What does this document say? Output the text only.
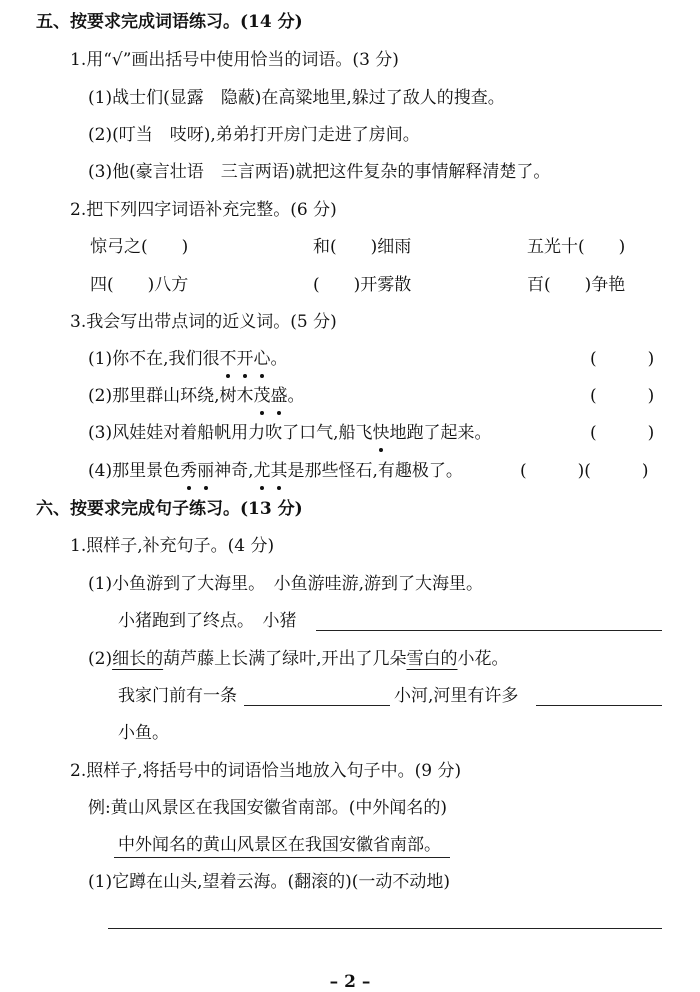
五、按要求完成词语练习。(14 分)
1.用“√”画出括号中使用恰当的词语。(3 分)
(1)战士们(显露　隐蔽)在高粱地里,躲过了敌人的搜查。
(2)(叮当　吱呀),弟弟打开房门走进了房间。
(3)他(豪言壮语　三言两语)就把这件复杂的事情解释清楚了。
2.把下列四字词语补充完整。(6 分)
惊弓之(　　)	和(　　)细雨	五光十(　　)
四(　　)八方	(　　)开雾散	百(　　)争艳
3.我会写出带点词的近义词。(5 分)
(1)你不在,我们很不开心。	(　　　)
(2)那里群山环绕,树木茂盛。	(　　　)
(3)风娃娃对着船帆用力吹了口气,船飞快地跑了起来。	(　　　)
(4)那里景色秀丽神奇,尤其是那些怪石,有趣极了。	(　　　)(　　　)
六、按要求完成句子练习。(13 分)
1.照样子,补充句子。(4 分)
(1)小鱼游到了大海里。　小鱼游哇游,游到了大海里。
小猪跑到了终点。　小猪
(2)细长的葫芦藤上长满了绿叶,开出了几朵雪白的小花。
我家门前有一条	小河,河里有许多
小鱼。
2.照样子,将括号中的词语恰当地放入句子中。(9 分)
例:黄山风景区在我国安徽省南部。(中外闻名的)
中外闻名的黄山风景区在我国安徽省南部。
(1)它蹲在山头,望着云海。(翻滚的)(一动不动地)
– 2 –
